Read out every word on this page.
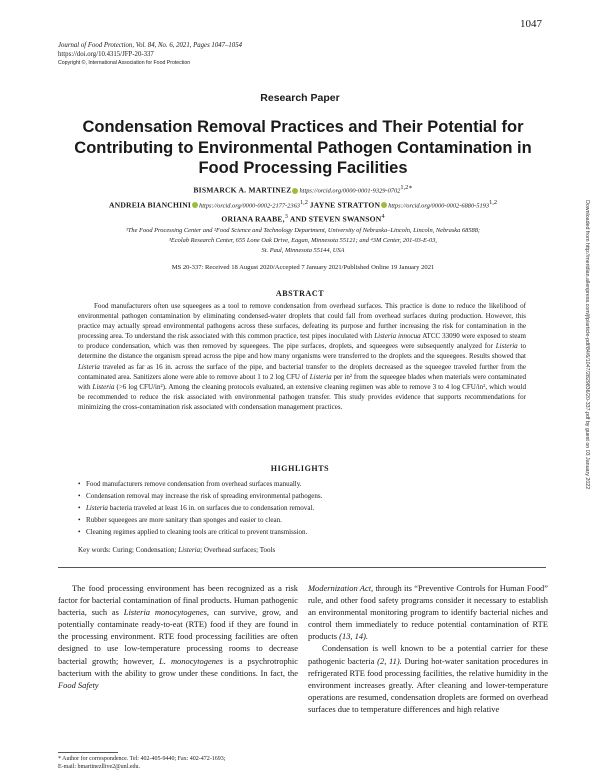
1047
Journal of Food Protection, Vol. 84, No. 6, 2021, Pages 1047–1054
https://doi.org/10.4315/JFP-20-337
Copyright ©, International Association for Food Protection
Research Paper
Condensation Removal Practices and Their Potential for Contributing to Environmental Pathogen Contamination in Food Processing Facilities
BISMARCK A. MARTINEZ $https://orcid.org/0000-0001-9329-0702^{1,2∗}$
ANDREIA BIANCHINI https://orcid.org/0000-0002-2177-2363$^{1,2}$ JAYNE STRATTON https://orcid.org/0000-0002-6880-5193$^{1,2}$
ORIANA RAABE,$^3$ AND STEVEN SWANSON$^4$
¹The Food Processing Center and ²Food Science and Technology Department, University of Nebraska–Lincoln, Lincoln, Nebraska 68588;
³Ecolab Research Center, 655 Lone Oak Drive, Eagan, Minnesota 55121; and ⁴3M Center, 201-03-E-03,
St. Paul, Minnesota 55144, USA
MS 20-337: Received 18 August 2020/Accepted 7 January 2021/Published Online 19 January 2021
ABSTRACT
Food manufacturers often use squeegees as a tool to remove condensation from overhead surfaces. This practice is done to reduce the likelihood of environmental pathogen contamination by eliminating condensed-water droplets that could fall from overhead surfaces during production. However, this practice may actually spread environmental pathogens across these surfaces, defeating its purpose and further increasing the risk for contamination in the processing area. To understand the risk associated with this common practice, test pipes inoculated with Listeria innocua ATCC 33090 were exposed to steam to produce condensation, which was then removed by squeegees. The pipe surfaces, droplets, and squeegees were subsequently analyzed for Listeria to determine the distance the organism spread across the pipe and how many organisms were transferred to the droplets and the squeegees. Results showed that Listeria traveled as far as 16 in. across the surface of the pipe, and bacterial transfer to the droplets decreased as the squeegee traveled further from the contaminated area. Sanitizers alone were able to remove about 1 to 2 log CFU of Listeria per in² from the squeegee blades when materials were contaminated with Listeria (>6 log CFU/in²). Among the cleaning protocols evaluated, an extensive cleaning regimen was able to remove 3 to 4 log CFU/in², which would be recommended to reduce the risk associated with environmental pathogen transfer. This study provides evidence that supports recommendations for minimizing the cross-contamination risk associated with condensation management practices.
HIGHLIGHTS
• Food manufacturers remove condensation from overhead surfaces manually.
• Condensation removal may increase the risk of spreading environmental pathogens.
• Listeria bacteria traveled at least 16 in. on surfaces due to condensation removal.
• Rubber squeegees are more sanitary than sponges and easier to clean.
• Cleaning regimes applied to cleaning tools are critical to prevent transmission.
Key words: Curing; Condensation; Listeria; Overhead surfaces; Tools

The food processing environment has been recognized as a risk factor for bacterial contamination of final products. Human pathogenic bacteria, such as Listeria monocytogenes, can survive, grow, and potentially contaminate ready-to-eat (RTE) food if they are found in the processing environment. RTE food processing facilities are often designed to use low-temperature processing rooms to decrease bacterial growth; however, L. monocytogenes is a psychrotrophic bacterium with the ability to grow under these conditions. In fact, the Food Safety

Modernization Act, through its “Preventive Controls for Human Food” rule, and other food safety programs consider it necessary to establish an environmental monitoring program to identify bacterial niches and control them immediately to reduce potential contamination of RTE products (13, 14).

Condensation is well known to be a potential carrier for these pathogenic bacteria (2, 11). During hot-water sanitation procedures in refrigerated RTE food processing facilities, the relative humidity in the environment increases greatly. After cleaning and lower-temperature operations are resumed, condensation droplets are formed on overhead surfaces due to temperature differences and high relative

* Author for correspondence. Tel: 402-405-9440; Fax: 402-472-1693;
E-mail: bmartinezllive2@unl.edu.
Downloaded from http://meridian.allenpress.com/jfp/article-pdf/84/6/1047/2829836/20-337.pdf by guest on 03 January 2022
